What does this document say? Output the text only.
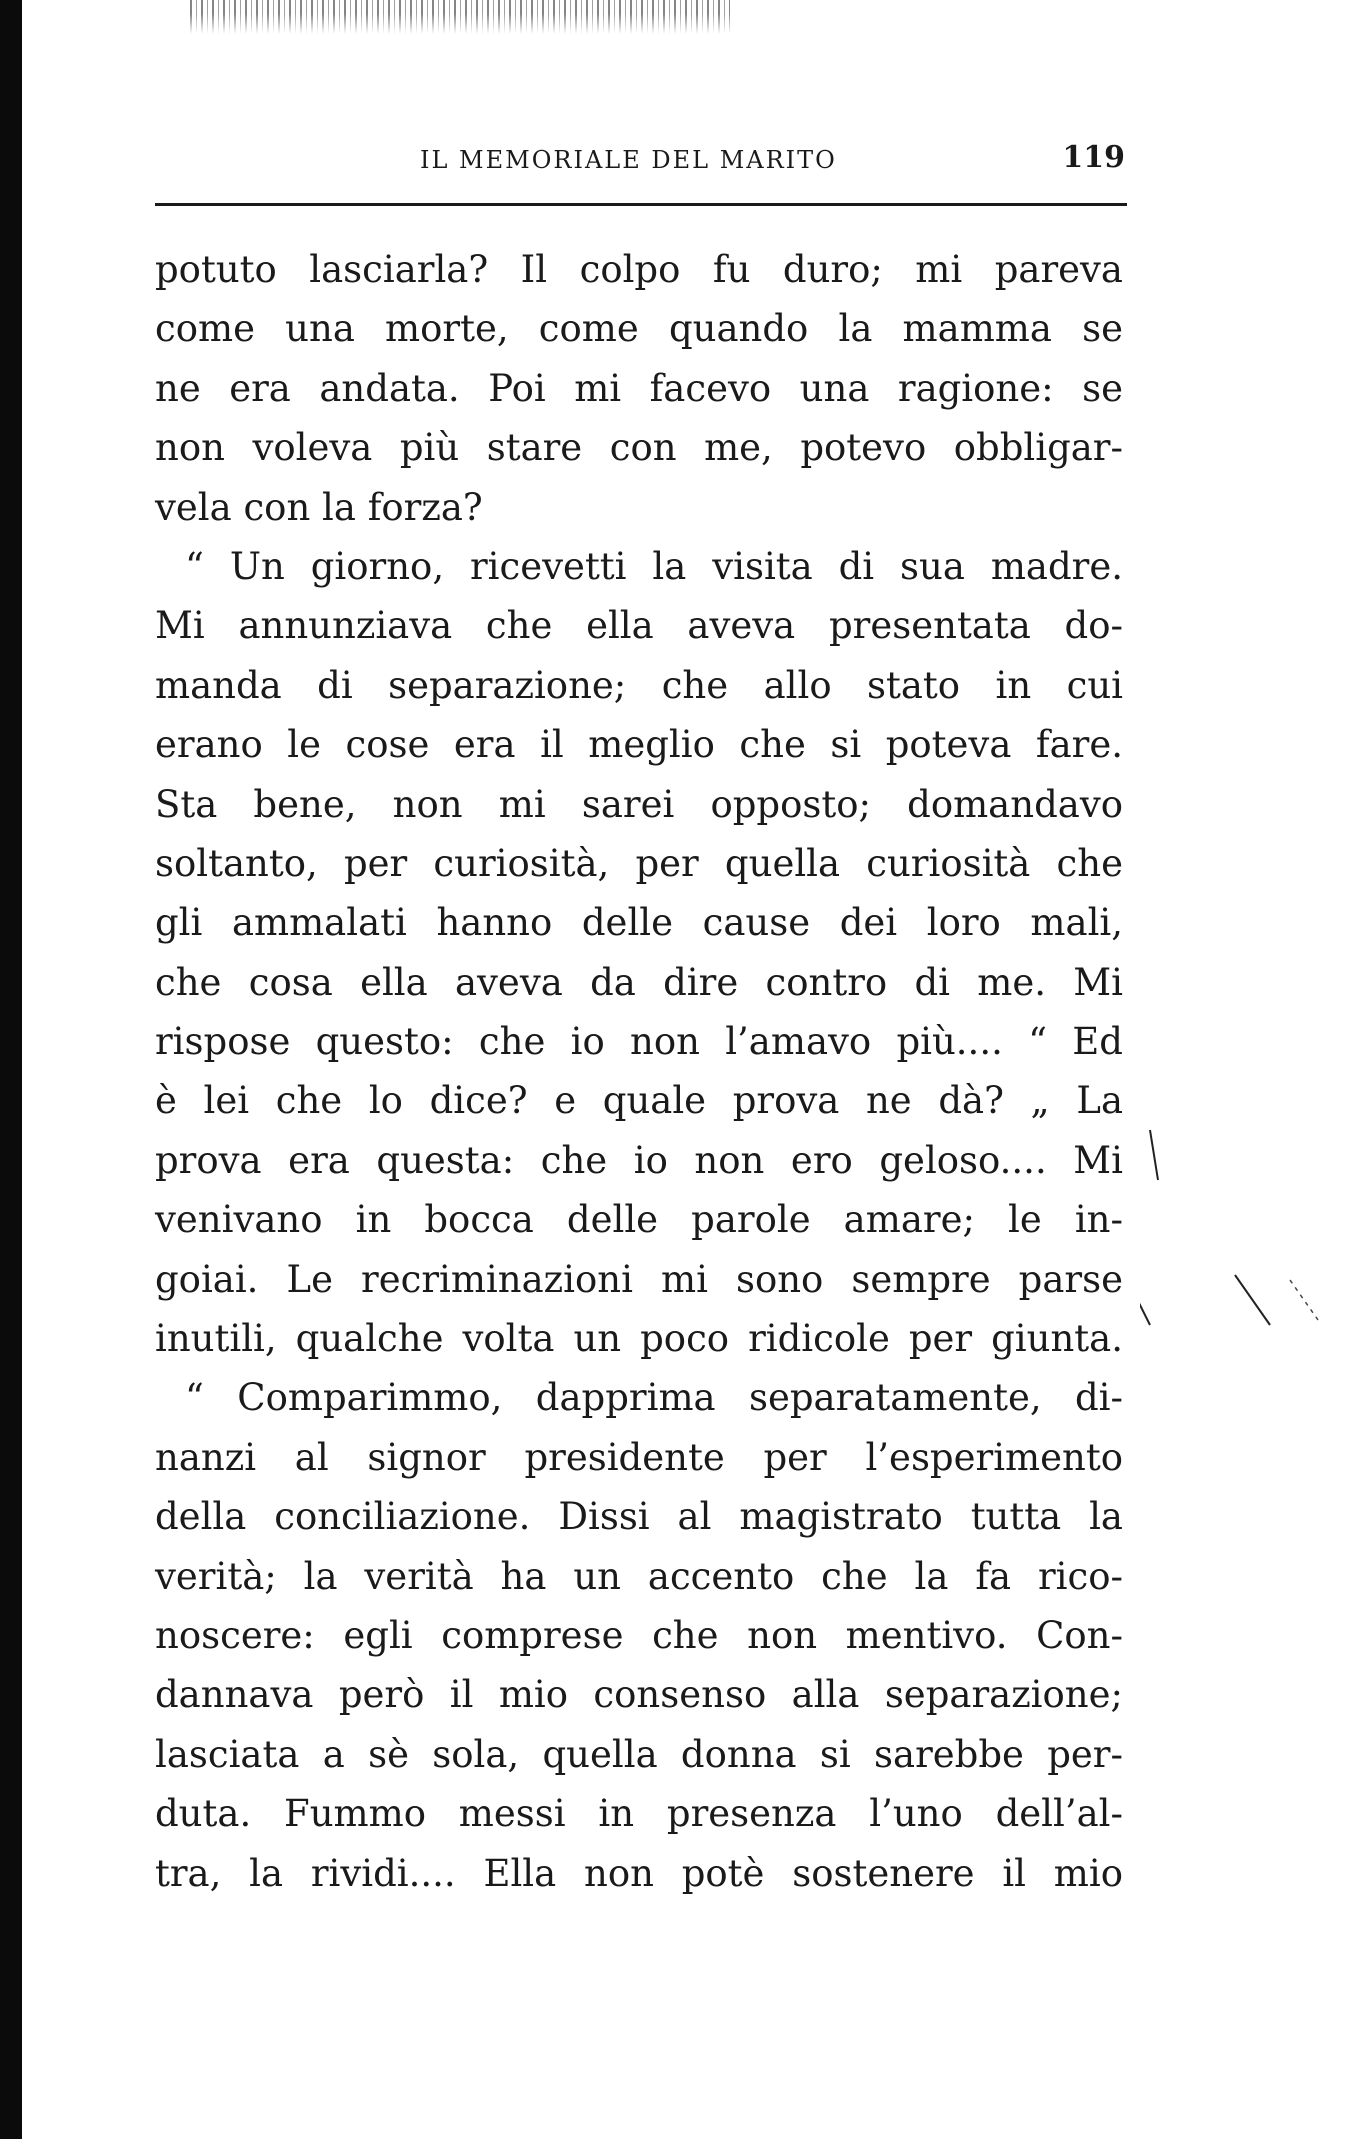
IL MEMORIALE DEL MARITO	119
potuto lasciarla? Il colpo fu duro; mi pareva
come una morte, come quando la mamma se
ne era andata. Poi mi facevo una ragione: se
non voleva più stare con me, potevo obbligar-
vela con la forza?
“ Un giorno, ricevetti la visita di sua madre.
Mi annunziava che ella aveva presentata do-
manda di separazione; che allo stato in cui
erano le cose era il meglio che si poteva fare.
Sta bene, non mi sarei opposto; domandavo
soltanto, per curiosità, per quella curiosità che
gli ammalati hanno delle cause dei loro mali,
che cosa ella aveva da dire contro di me. Mi
rispose questo: che io non l’amavo più.... “ Ed
è lei che lo dice? e quale prova ne dà? „ La
prova era questa: che io non ero geloso.... Mi
venivano in bocca delle parole amare; le in-
goiai. Le recriminazioni mi sono sempre parse
inutili, qualche volta un poco ridicole per giunta.
“ Comparimmo, dapprima separatamente, di-
nanzi al signor presidente per l’esperimento
della conciliazione. Dissi al magistrato tutta la
verità; la verità ha un accento che la fa rico-
noscere: egli comprese che non mentivo. Con-
dannava però il mio consenso alla separazione;
lasciata a sè sola, quella donna si sarebbe per-
duta. Fummo messi in presenza l’uno dell’al-
tra, la rividi.... Ella non potè sostenere il mio
